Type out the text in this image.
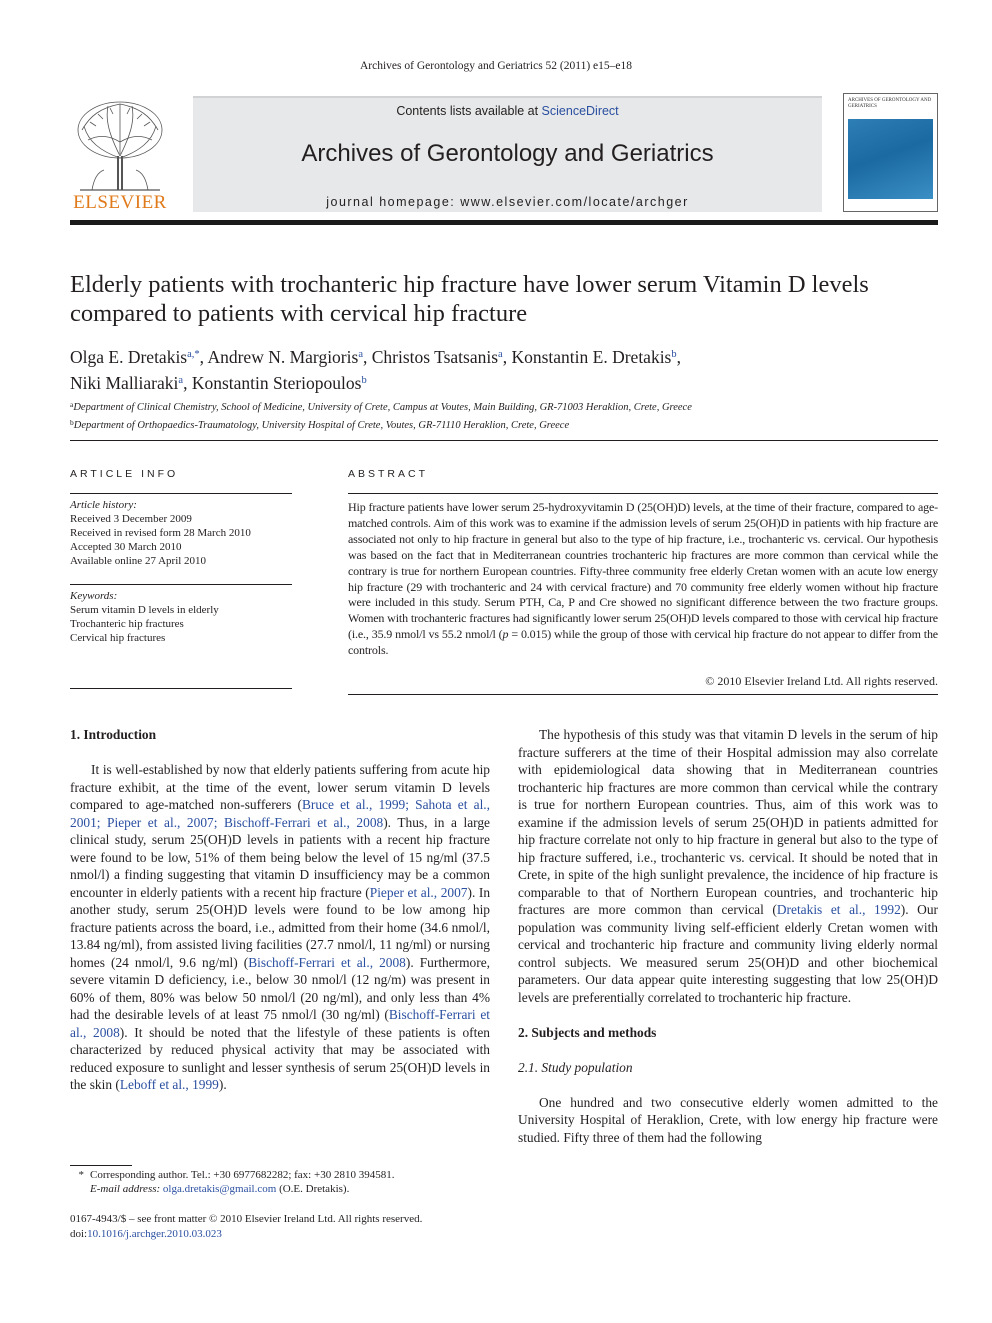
Archives of Gerontology and Geriatrics 52 (2011) e15–e18
ELSEVIER
Contents lists available at ScienceDirect
Archives of Gerontology and Geriatrics
journal homepage: www.elsevier.com/locate/archger
ARCHIVES OF GERONTOLOGY AND GERIATRICS
Elderly patients with trochanteric hip fracture have lower serum Vitamin D levels
compared to patients with cervical hip fracture
Olga E. Dretakis$^{a,*}$, Andrew N. Margioris$^a$, Christos Tsatsanis$^a$, Konstantin E. Dretakis$^b$,
Niki Malliaraki$^a$, Konstantin Steriopoulos$^b$
$^a$Department of Clinical Chemistry, School of Medicine, University of Crete, Campus at Voutes, Main Building, GR-71003 Heraklion, Crete, Greece
$^b$Department of Orthopaedics-Traumatology, University Hospital of Crete, Voutes, GR-71110 Heraklion, Crete, Greece
ARTICLE INFO
Article history:
Received 3 December 2009
Received in revised form 28 March 2010
Accepted 30 March 2010
Available online 27 April 2010
Keywords:
Serum vitamin D levels in elderly
Trochanteric hip fractures
Cervical hip fractures
ABSTRACT
Hip fracture patients have lower serum 25-hydroxyvitamin D (25(OH)D) levels, at the time of their fracture, compared to age-matched controls. Aim of this work was to examine if the admission levels of serum 25(OH)D in patients with hip fracture are associated not only to hip fracture in general but also to the type of hip fracture, i.e., trochanteric vs. cervical. Our hypothesis was based on the fact that in Mediterranean countries trochanteric hip fractures are more common than cervical while the contrary is true for northern European countries. Fifty-three community free elderly Cretan women with an acute low energy hip fracture (29 with trochanteric and 24 with cervical fracture) and 70 community free elderly women without hip fracture were included in this study. Serum PTH, Ca, P and Cre showed no significant difference between the two fracture groups. Women with trochanteric fractures had significantly lower serum 25(OH)D levels compared to those with cervical hip fracture (i.e., 35.9 nmol/l vs 55.2 nmol/l (p = 0.015) while the group of those with cervical hip fracture do not appear to differ from the controls.
© 2010 Elsevier Ireland Ltd. All rights reserved.
1. Introduction

It is well-established by now that elderly patients suffering from acute hip fracture exhibit, at the time of the event, lower serum vitamin D levels compared to age-matched non-sufferers (Bruce et al., 1999; Sahota et al., 2001; Pieper et al., 2007; Bischoff-Ferrari et al., 2008). Thus, in a large clinical study, serum 25(OH)D levels in patients with a recent hip fracture were found to be low, 51% of them being below the level of 15 ng/ml (37.5 nmol/l) a finding suggesting that vitamin D insufficiency may be a common encounter in elderly patients with a recent hip fracture (Pieper et al., 2007). In another study, serum 25(OH)D levels were found to be low among hip fracture patients across the board, i.e., admitted from their home (34.6 nmol/l, 13.84 ng/ml), from assisted living facilities (27.7 nmol/l, 11 ng/ml) or nursing homes (24 nmol/l, 9.6 ng/ml) (Bischoff-Ferrari et al., 2008). Furthermore, severe vitamin D deficiency, i.e., below 30 nmol/l (12 ng/m) was present in 60% of them, 80% was below 50 nmol/l (20 ng/ml), and only less than 4% had the desirable levels of at least 75 nmol/l (30 ng/ml) (Bischoff-Ferrari et al., 2008). It should be noted that the lifestyle of these patients is often characterized by reduced physical activity that may be associated with reduced exposure to sunlight and lesser synthesis of serum 25(OH)D levels in the skin (Leboff et al., 1999).

The hypothesis of this study was that vitamin D levels in the serum of hip fracture sufferers at the time of their Hospital admission may also correlate with epidemiological data showing that in Mediterranean countries trochanteric hip fractures are more common than cervical while the contrary is true for northern European countries. Thus, aim of this work was to examine if the admission levels of serum 25(OH)D in patients admitted for hip fracture correlate not only to hip fracture in general but also to the type of hip fracture suffered, i.e., trochanteric vs. cervical. It should be noted that in Crete, in spite of the high sunlight prevalence, the incidence of hip fracture is comparable to that of Northern European countries, and trochanteric hip fractures are more common than cervical (Dretakis et al., 1992). Our population was community living self-efficient elderly Cretan women with cervical and trochanteric hip fracture and community living elderly normal control subjects. We measured serum 25(OH)D and other biochemical parameters. Our data appear quite interesting suggesting that low 25(OH)D levels are preferentially correlated to trochanteric hip fracture.

2. Subjects and methods
2.1. Study population

One hundred and two consecutive elderly women admitted to the University Hospital of Heraklion, Crete, with low energy hip fracture were studied. Fifty three of them had the following

* Corresponding author. Tel.: +30 6977682282; fax: +30 2810 394581.
E-mail address: olga.dretakis@gmail.com (O.E. Dretakis).
0167-4943/$ – see front matter © 2010 Elsevier Ireland Ltd. All rights reserved.
doi:10.1016/j.archger.2010.03.023
